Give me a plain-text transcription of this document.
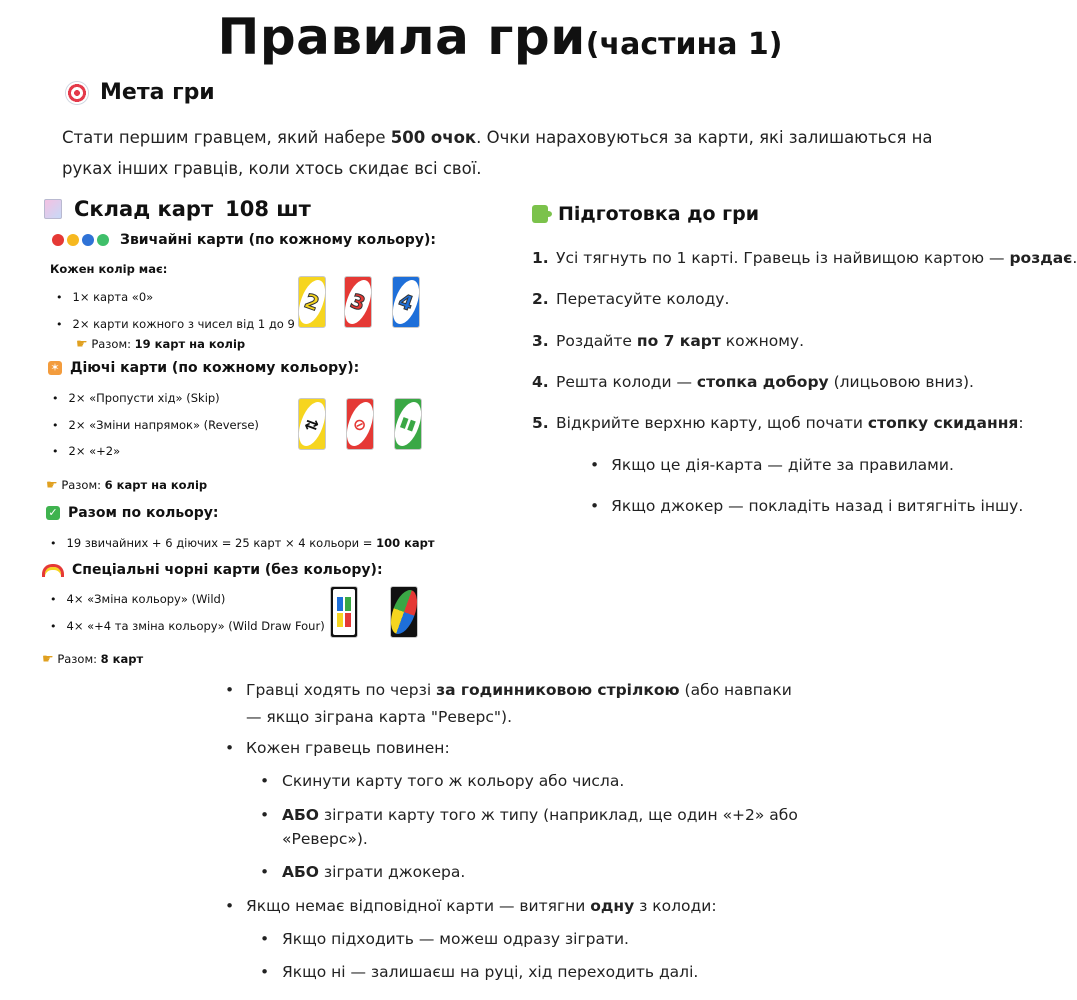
Правила гри(частина 1)
Мета гри
Стати першим гравцем, який набере 500 очок. Очки нараховуються за карти, які залишаються на руках інших гравців, коли хтось скидає всі свої.
Склад карт 108 шт
Звичайні карти (по кожному кольору):
Кожен колір має:
• 1× карта «0»
• 2× карти кожного з чисел від 1 до 9
☛ Разом: 19 карт на колір
2	3	4
✶ Діючі карти (по кожному кольору):
• 2× «Пропусти хід» (Skip)
• 2× «Зміни напрямок» (Reverse)
• 2× «+2»
⇄	⊘	▮▮
☛ Разом: 6 карт на колір
✓ Разом по кольору:
• 19 звичайних + 6 діючих = 25 карт × 4 кольори = 100 карт
Спеціальні чорні карти (без кольору):
• 4× «Зміна кольору» (Wild)
• 4× «+4 та зміна кольору» (Wild Draw Four)
☛ Разом: 8 карт
Підготовка до гри
1. Усі тягнуть по 1 карті. Гравець із найвищою картою — роздає.
2. Перетасуйте колоду.
3. Роздайте по 7 карт кожному.
4. Решта колоди — стопка добору (лицьовою вниз).
5. Відкрийте верхню карту, щоб почати стопку скидання:
• Якщо це дія-карта — дійте за правилами.
• Якщо джокер — покладіть назад і витягніть іншу.
• Гравці ходять по черзі за годинниковою стрілкою (або навпаки
— якщо зіграна карта "Реверс").
• Кожен гравець повинен:
• Скинути карту того ж кольору або числа.
• АБО зіграти карту того ж типу (наприклад, ще один «+2» або
«Реверс»).
• АБО зіграти джокера.
• Якщо немає відповідної карти — витягни одну з колоди:
• Якщо підходить — можеш одразу зіграти.
• Якщо ні — залишаєш на руці, хід переходить далі.
